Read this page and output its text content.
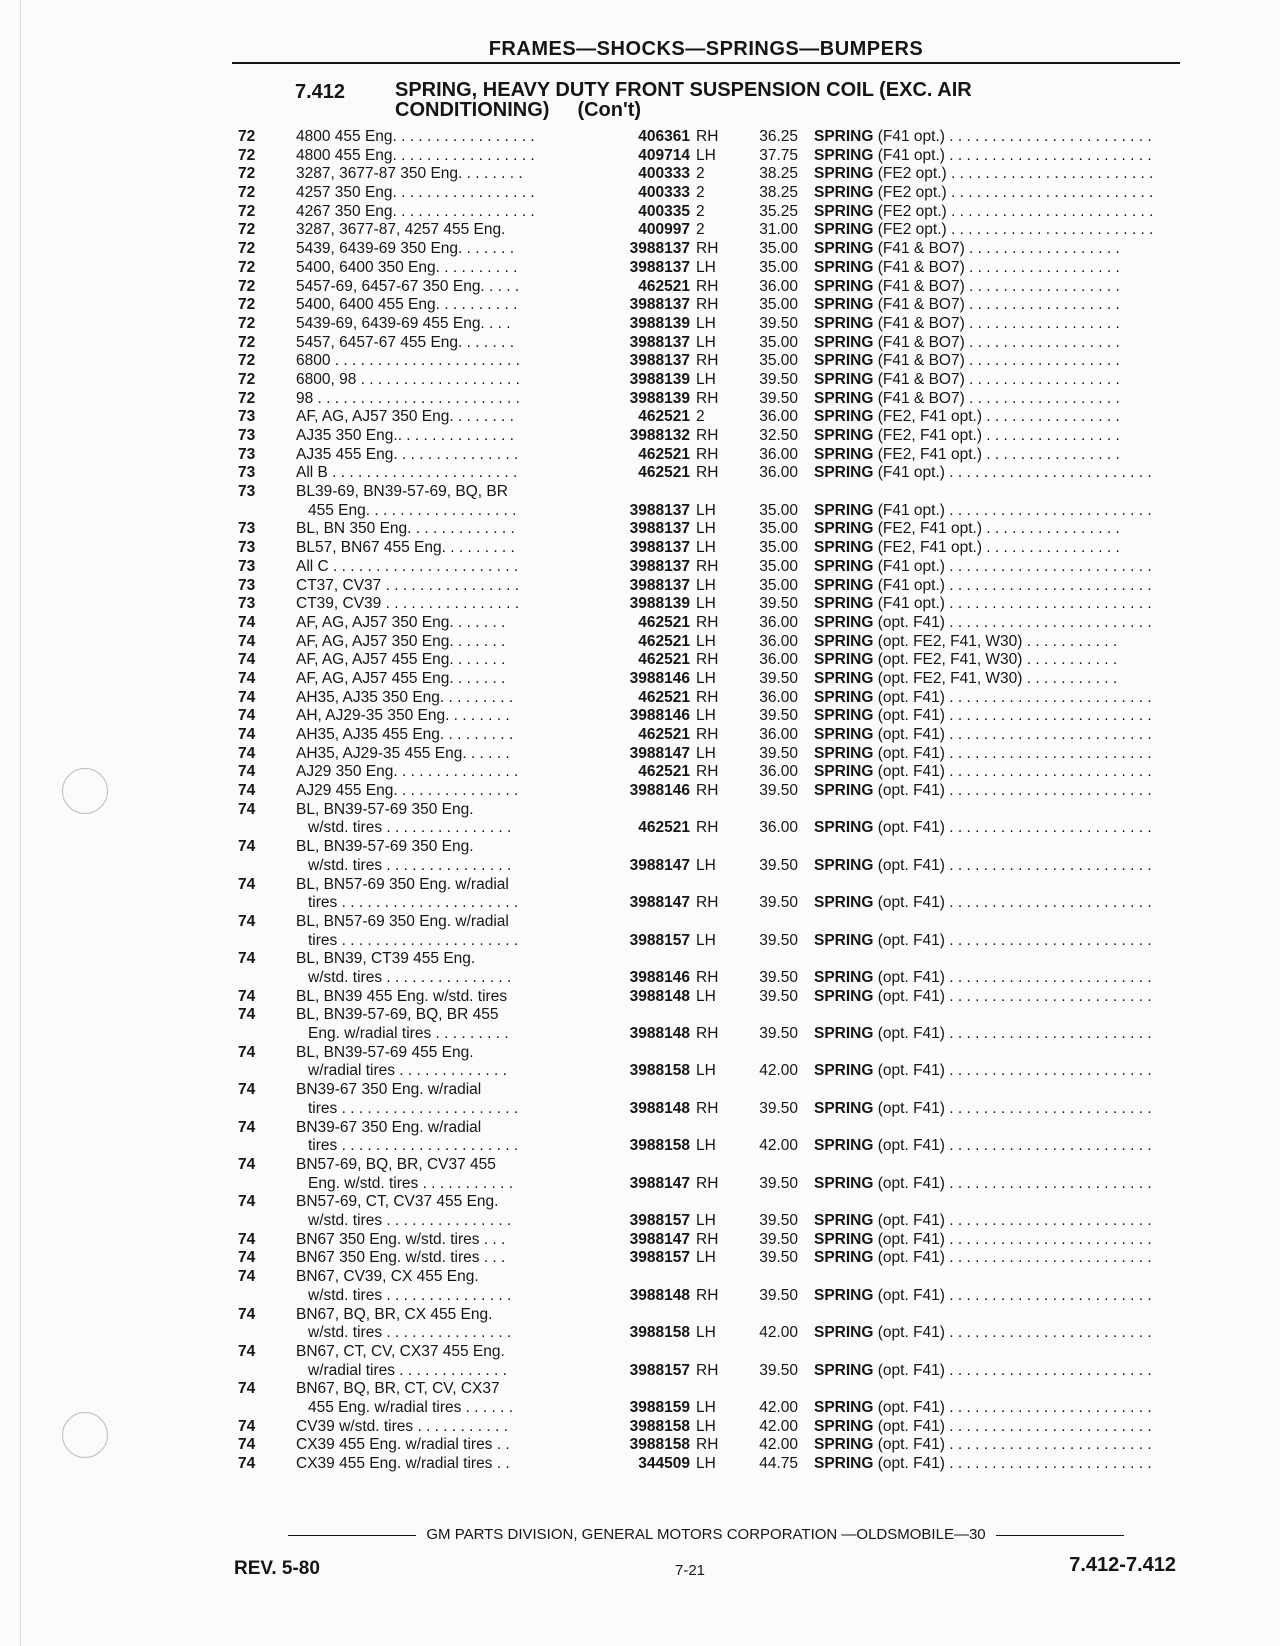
FRAMES—SHOCKS—SPRINGS—BUMPERS
7.412 SPRING, HEAVY DUTY FRONT SUSPENSION COIL (EXC. AIR
CONDITIONING) (Con't)
72	4800 455 Eng. . . . . . . . . . . . . . . . .	406361 RH	36.25 SPRING (F41 opt.) . . . . . . . . . . . . . . . . . . . . . . . .
72	4800 455 Eng. . . . . . . . . . . . . . . . .	409714 LH	37.75 SPRING (F41 opt.) . . . . . . . . . . . . . . . . . . . . . . . .
72	3287, 3677-87 350 Eng. . . . . . . .	400333 2	38.25 SPRING (FE2 opt.) . . . . . . . . . . . . . . . . . . . . . . . .
72	4257 350 Eng. . . . . . . . . . . . . . . . .	400333 2	38.25 SPRING (FE2 opt.) . . . . . . . . . . . . . . . . . . . . . . . .
72	4267 350 Eng. . . . . . . . . . . . . . . . .	400335 2	35.25 SPRING (FE2 opt.) . . . . . . . . . . . . . . . . . . . . . . . .
72	3287, 3677-87, 4257 455 Eng.	400997 2	31.00 SPRING (FE2 opt.) . . . . . . . . . . . . . . . . . . . . . . . .
72	5439, 6439-69 350 Eng. . . . . . .	3988137 RH	35.00 SPRING (F41 & BO7) . . . . . . . . . . . . . . . . . .
72	5400, 6400 350 Eng. . . . . . . . . .	3988137 LH	35.00 SPRING (F41 & BO7) . . . . . . . . . . . . . . . . . .
72	5457-69, 6457-67 350 Eng. . . . .	462521 RH	36.00 SPRING (F41 & BO7) . . . . . . . . . . . . . . . . . .
72	5400, 6400 455 Eng. . . . . . . . . .	3988137 RH	35.00 SPRING (F41 & BO7) . . . . . . . . . . . . . . . . . .
72	5439-69, 6439-69 455 Eng. . . .	3988139 LH	39.50 SPRING (F41 & BO7) . . . . . . . . . . . . . . . . . .
72	5457, 6457-67 455 Eng. . . . . . .	3988137 LH	35.00 SPRING (F41 & BO7) . . . . . . . . . . . . . . . . . .
72	6800 . . . . . . . . . . . . . . . . . . . . . .	3988137 RH	35.00 SPRING (F41 & BO7) . . . . . . . . . . . . . . . . . .
72	6800, 98 . . . . . . . . . . . . . . . . . . .	3988139 LH	39.50 SPRING (F41 & BO7) . . . . . . . . . . . . . . . . . .
72	98 . . . . . . . . . . . . . . . . . . . . . . . .	3988139 RH	39.50 SPRING (F41 & BO7) . . . . . . . . . . . . . . . . . .
73	AF, AG, AJ57 350 Eng. . . . . . . .	462521 2	36.00 SPRING (FE2, F41 opt.) . . . . . . . . . . . . . . . .
73	AJ35 350 Eng.. . . . . . . . . . . . . .	3988132 RH	32.50 SPRING (FE2, F41 opt.) . . . . . . . . . . . . . . . .
73	AJ35 455 Eng. . . . . . . . . . . . . . .	462521 RH	36.00 SPRING (FE2, F41 opt.) . . . . . . . . . . . . . . . .
73	All B . . . . . . . . . . . . . . . . . . . . . .	462521 RH	36.00 SPRING (F41 opt.) . . . . . . . . . . . . . . . . . . . . . . . .
73	BL39-69, BN39-57-69, BQ, BR
455 Eng. . . . . . . . . . . . . . . . . .	3988137 LH	35.00 SPRING (F41 opt.) . . . . . . . . . . . . . . . . . . . . . . . .
73	BL, BN 350 Eng. . . . . . . . . . . . .	3988137 LH	35.00 SPRING (FE2, F41 opt.) . . . . . . . . . . . . . . . .
73	BL57, BN67 455 Eng. . . . . . . . .	3988137 LH	35.00 SPRING (FE2, F41 opt.) . . . . . . . . . . . . . . . .
73	All C . . . . . . . . . . . . . . . . . . . . . .	3988137 RH	35.00 SPRING (F41 opt.) . . . . . . . . . . . . . . . . . . . . . . . .
73	CT37, CV37 . . . . . . . . . . . . . . . .	3988137 LH	35.00 SPRING (F41 opt.) . . . . . . . . . . . . . . . . . . . . . . . .
73	CT39, CV39 . . . . . . . . . . . . . . . .	3988139 LH	39.50 SPRING (F41 opt.) . . . . . . . . . . . . . . . . . . . . . . . .
74	AF, AG, AJ57 350 Eng. . . . . . .	462521 RH	36.00 SPRING (opt. F41) . . . . . . . . . . . . . . . . . . . . . . . .
74	AF, AG, AJ57 350 Eng. . . . . . .	462521 LH	36.00 SPRING (opt. FE2, F41, W30) . . . . . . . . . . .
74	AF, AG, AJ57 455 Eng. . . . . . .	462521 RH	36.00 SPRING (opt. FE2, F41, W30) . . . . . . . . . . .
74	AF, AG, AJ57 455 Eng. . . . . . .	3988146 LH	39.50 SPRING (opt. FE2, F41, W30) . . . . . . . . . . .
74	AH35, AJ35 350 Eng. . . . . . . . .	462521 RH	36.00 SPRING (opt. F41) . . . . . . . . . . . . . . . . . . . . . . . .
74	AH, AJ29-35 350 Eng. . . . . . . .	3988146 LH	39.50 SPRING (opt. F41) . . . . . . . . . . . . . . . . . . . . . . . .
74	AH35, AJ35 455 Eng. . . . . . . . .	462521 RH	36.00 SPRING (opt. F41) . . . . . . . . . . . . . . . . . . . . . . . .
74	AH35, AJ29-35 455 Eng. . . . . .	3988147 LH	39.50 SPRING (opt. F41) . . . . . . . . . . . . . . . . . . . . . . . .
74	AJ29 350 Eng. . . . . . . . . . . . . . .	462521 RH	36.00 SPRING (opt. F41) . . . . . . . . . . . . . . . . . . . . . . . .
74	AJ29 455 Eng. . . . . . . . . . . . . . .	3988146 RH	39.50 SPRING (opt. F41) . . . . . . . . . . . . . . . . . . . . . . . .
74	BL, BN39-57-69 350 Eng.
w/std. tires . . . . . . . . . . . . . . .	462521 RH	36.00 SPRING (opt. F41) . . . . . . . . . . . . . . . . . . . . . . . .
74	BL, BN39-57-69 350 Eng.
w/std. tires . . . . . . . . . . . . . . .	3988147 LH	39.50 SPRING (opt. F41) . . . . . . . . . . . . . . . . . . . . . . . .
74	BL, BN57-69 350 Eng. w/radial
tires . . . . . . . . . . . . . . . . . . . . .	3988147 RH	39.50 SPRING (opt. F41) . . . . . . . . . . . . . . . . . . . . . . . .
74	BL, BN57-69 350 Eng. w/radial
tires . . . . . . . . . . . . . . . . . . . . .	3988157 LH	39.50 SPRING (opt. F41) . . . . . . . . . . . . . . . . . . . . . . . .
74	BL, BN39, CT39 455 Eng.
w/std. tires . . . . . . . . . . . . . . .	3988146 RH	39.50 SPRING (opt. F41) . . . . . . . . . . . . . . . . . . . . . . . .
74	BL, BN39 455 Eng. w/std. tires	3988148 LH	39.50 SPRING (opt. F41) . . . . . . . . . . . . . . . . . . . . . . . .
74	BL, BN39-57-69, BQ, BR 455
Eng. w/radial tires . . . . . . . . .	3988148 RH	39.50 SPRING (opt. F41) . . . . . . . . . . . . . . . . . . . . . . . .
74	BL, BN39-57-69 455 Eng.
w/radial tires . . . . . . . . . . . . .	3988158 LH	42.00 SPRING (opt. F41) . . . . . . . . . . . . . . . . . . . . . . . .
74	BN39-67 350 Eng. w/radial
tires . . . . . . . . . . . . . . . . . . . . .	3988148 RH	39.50 SPRING (opt. F41) . . . . . . . . . . . . . . . . . . . . . . . .
74	BN39-67 350 Eng. w/radial
tires . . . . . . . . . . . . . . . . . . . . .	3988158 LH	42.00 SPRING (opt. F41) . . . . . . . . . . . . . . . . . . . . . . . .
74	BN57-69, BQ, BR, CV37 455
Eng. w/std. tires . . . . . . . . . . .	3988147 RH	39.50 SPRING (opt. F41) . . . . . . . . . . . . . . . . . . . . . . . .
74	BN57-69, CT, CV37 455 Eng.
w/std. tires . . . . . . . . . . . . . . .	3988157 LH	39.50 SPRING (opt. F41) . . . . . . . . . . . . . . . . . . . . . . . .
74	BN67 350 Eng. w/std. tires . . .	3988147 RH	39.50 SPRING (opt. F41) . . . . . . . . . . . . . . . . . . . . . . . .
74	BN67 350 Eng. w/std. tires . . .	3988157 LH	39.50 SPRING (opt. F41) . . . . . . . . . . . . . . . . . . . . . . . .
74	BN67, CV39, CX 455 Eng.
w/std. tires . . . . . . . . . . . . . . .	3988148 RH	39.50 SPRING (opt. F41) . . . . . . . . . . . . . . . . . . . . . . . .
74	BN67, BQ, BR, CX 455 Eng.
w/std. tires . . . . . . . . . . . . . . .	3988158 LH	42.00 SPRING (opt. F41) . . . . . . . . . . . . . . . . . . . . . . . .
74	BN67, CT, CV, CX37 455 Eng.
w/radial tires . . . . . . . . . . . . .	3988157 RH	39.50 SPRING (opt. F41) . . . . . . . . . . . . . . . . . . . . . . . .
74	BN67, BQ, BR, CT, CV, CX37
455 Eng. w/radial tires . . . . . .	3988159 LH	42.00 SPRING (opt. F41) . . . . . . . . . . . . . . . . . . . . . . . .
74	CV39 w/std. tires . . . . . . . . . . .	3988158 LH	42.00 SPRING (opt. F41) . . . . . . . . . . . . . . . . . . . . . . . .
74	CX39 455 Eng. w/radial tires . .	3988158 RH	42.00 SPRING (opt. F41) . . . . . . . . . . . . . . . . . . . . . . . .
74	CX39 455 Eng. w/radial tires . .	344509 LH	44.75 SPRING (opt. F41) . . . . . . . . . . . . . . . . . . . . . . . .
GM PARTS DIVISION, GENERAL MOTORS CORPORATION —OLDSMOBILE—30
REV. 5-80	7-21	7.412-7.412
